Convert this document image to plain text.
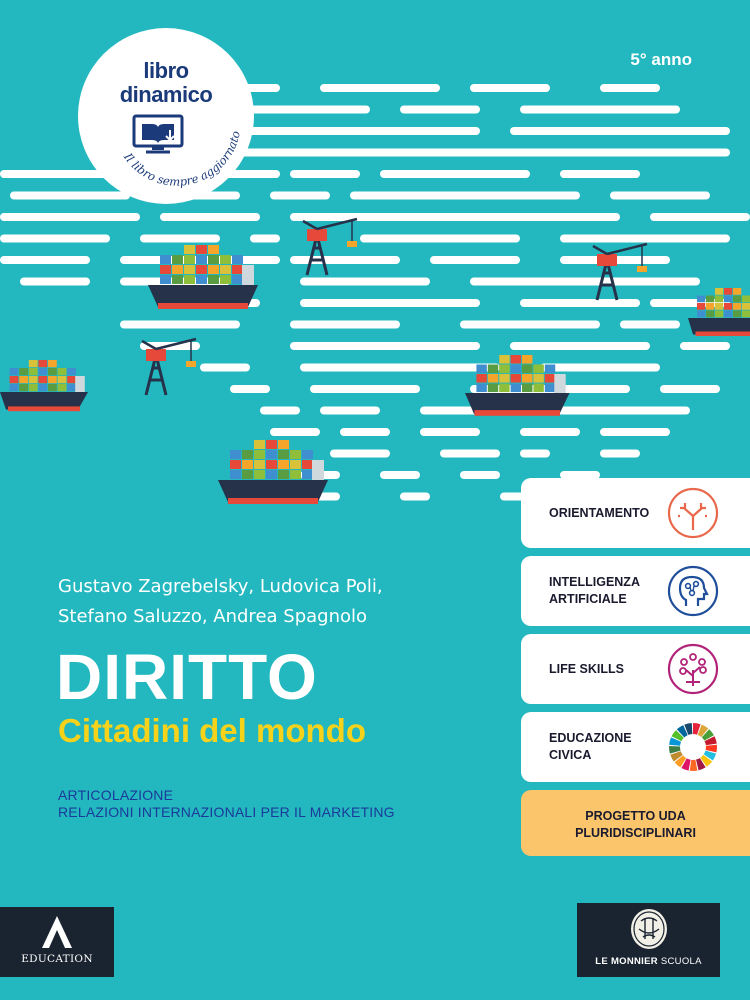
libro
dinamico
Il libro sempre aggiornato
5° anno
Gustavo Zagrebelsky, Ludovica Poli,
Stefano Saluzzo, Andrea Spagnolo
DIRITTO
Cittadini del mondo
ARTICOLAZIONE
RELAZIONI INTERNAZIONALI PER IL MARKETING
ORIENTAMENTO
INTELLIGENZA
ARTIFICIALE
LIFE SKILLS
EDUCAZIONE
CIVICA
PROGETTO UDA
PLURIDISCIPLINARI
EDUCATION	LE MONNIER SCUOLA
